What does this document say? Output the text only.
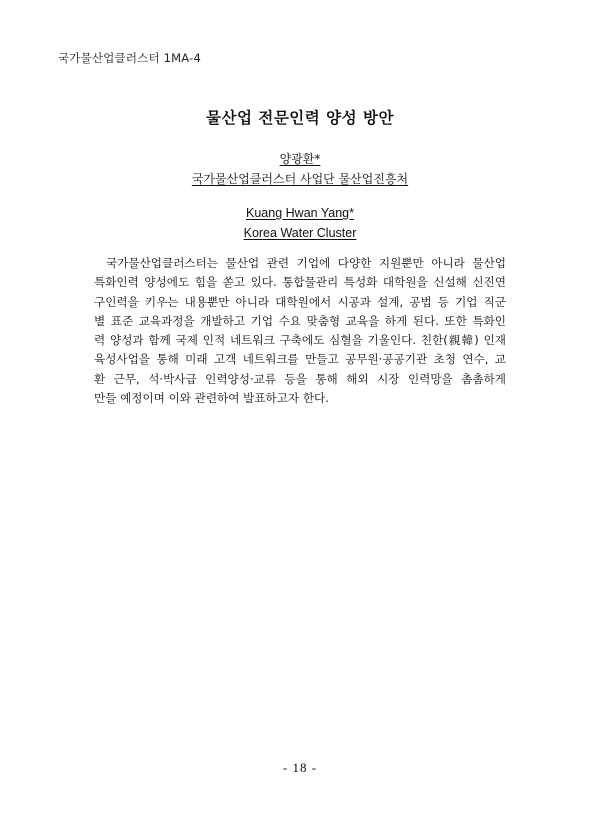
국가물산업클러스터 1MA-4
물산업 전문인력 양성 방안
양광환*
국가물산업클러스터 사업단 물산업진흥처
Kuang Hwan Yang*
Korea Water Cluster
국가물산업클러스터는 물산업 관련 기업에 다양한 지원뿐만 아니라 물산업
특화인력 양성에도 힘을 쏟고 있다. 통합물관리 특성화 대학원을 신설해 신진연
구인력을 키우는 내용뿐만 아니라 대학원에서 시공과 설계, 공법 등 기업 직군
별 표준 교육과정을 개발하고 기업 수요 맞춤형 교육을 하게 된다. 또한 특화인
력 양성과 함께 국제 인적 네트워크 구축에도 심혈을 기울인다. 친한(親韓) 인재
육성사업을 통해 미래 고객 네트워크를 만들고 공무원·공공기관 초청 연수, 교
환 근무, 석·박사급 인력양성·교류 등을 통해 해외 시장 인력망을 촘촘하게
만들 예정이며 이와 관련하여 발표하고자 한다.
- 18 -
